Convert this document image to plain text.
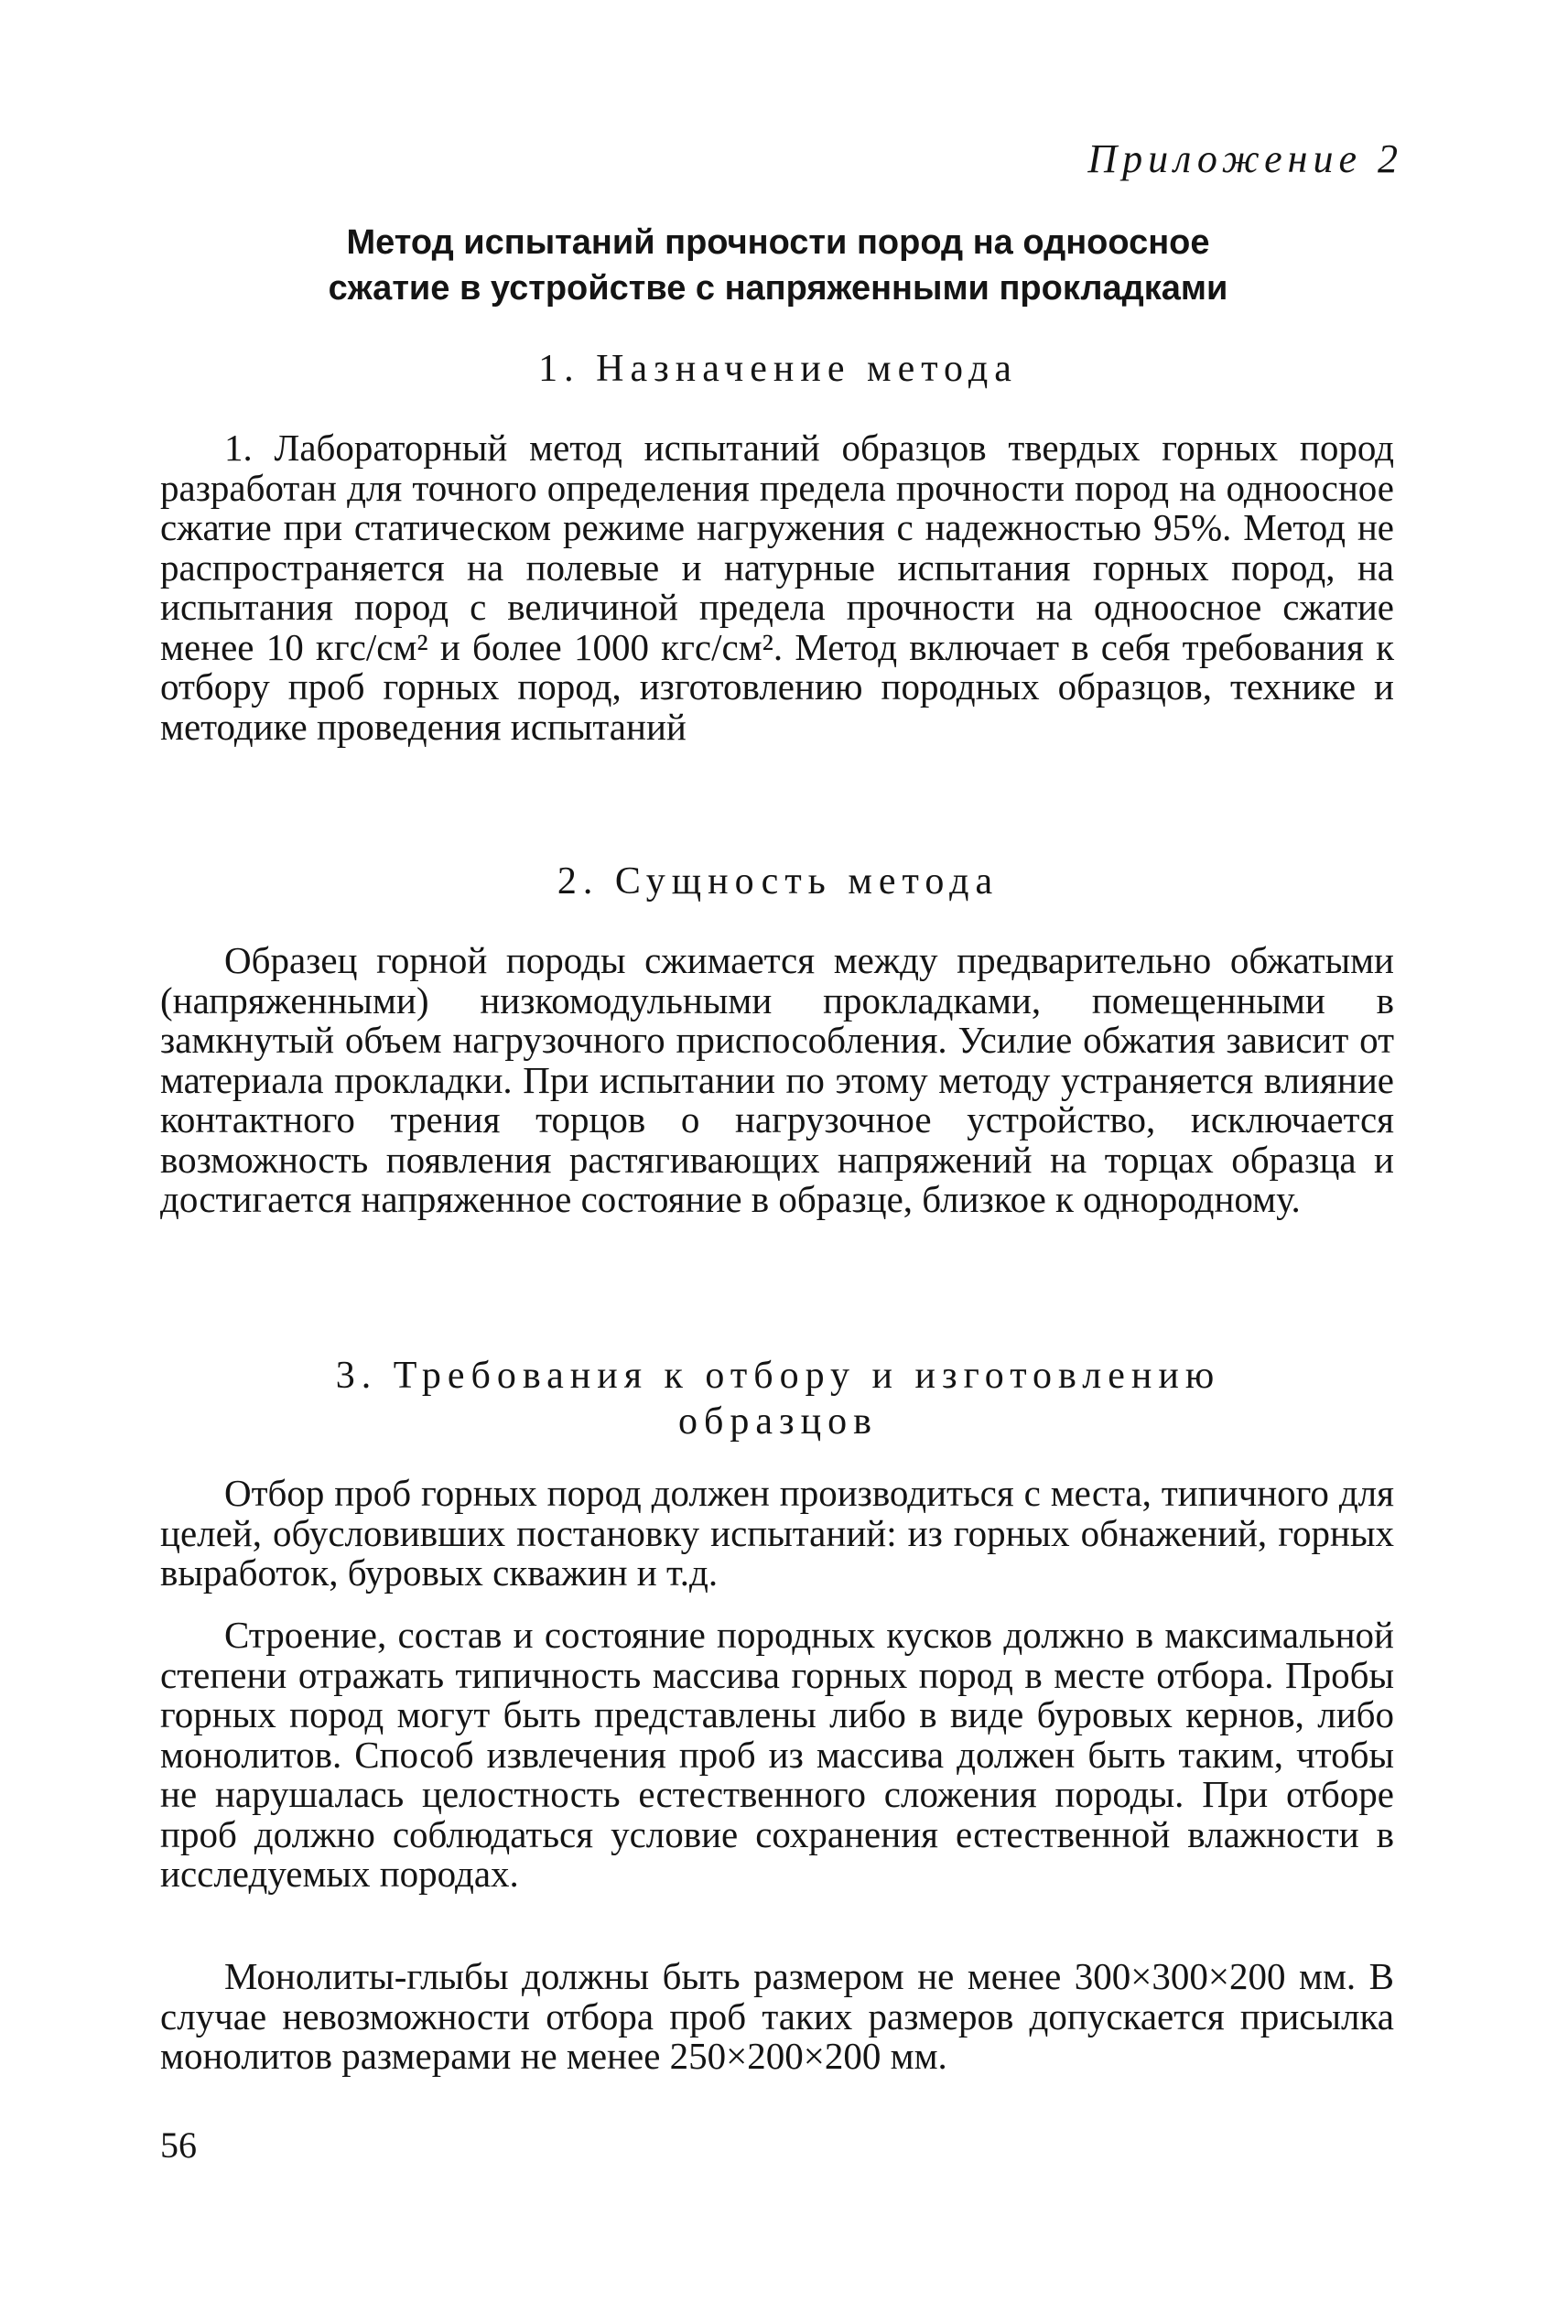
Приложение 2
Метод испытаний прочности пород на одноосное
сжатие в устройстве с напряженными прокладками
1. Назначение метода

1. Лабораторный метод испытаний образцов твердых горных пород разработан для точного определения предела прочности пород на одноосное сжатие при статическом режиме нагружения с надежностью 95%. Метод не распространяется на полевые и натурные испытания горных пород, на испытания пород с величиной предела прочности на одноосное сжатие менее 10 кгс/см² и более 1000 кгс/см². Метод включает в себя требования к отбору проб горных пород, изготовлению породных образцов, технике и методике проведения испытаний

2. Сущность метода

Образец горной породы сжимается между предварительно обжатыми (напряженными) низкомодульными прокладками, помещенными в замкнутый объем нагрузочного приспособления. Усилие обжатия зависит от материала прокладки. При испытании по этому методу устраняется влияние контактного трения торцов о нагрузочное устройство, исключается возможность появления растягивающих напряжений на торцах образца и достигается напряженное состояние в образце, близкое к однородному.

3. Требования к отбору и изготовлению
образцов

Отбор проб горных пород должен производиться с места, типичного для целей, обусловивших постановку испытаний: из горных обнажений, горных выработок, буровых скважин и т.д.

Строение, состав и состояние породных кусков должно в максимальной степени отражать типичность массива горных пород в месте отбора. Пробы горных пород могут быть представлены либо в виде буровых кернов, либо монолитов. Способ извлечения проб из массива должен быть таким, чтобы не нарушалась целостность естественного сложения породы. При отборе проб должно соблюдаться условие сохранения естественной влажности в исследуемых породах.

Монолиты-глыбы должны быть размером не менее 300×300×200 мм. В случае невозможности отбора проб таких размеров допускается присылка монолитов размерами не менее 250×200×200 мм.

56
